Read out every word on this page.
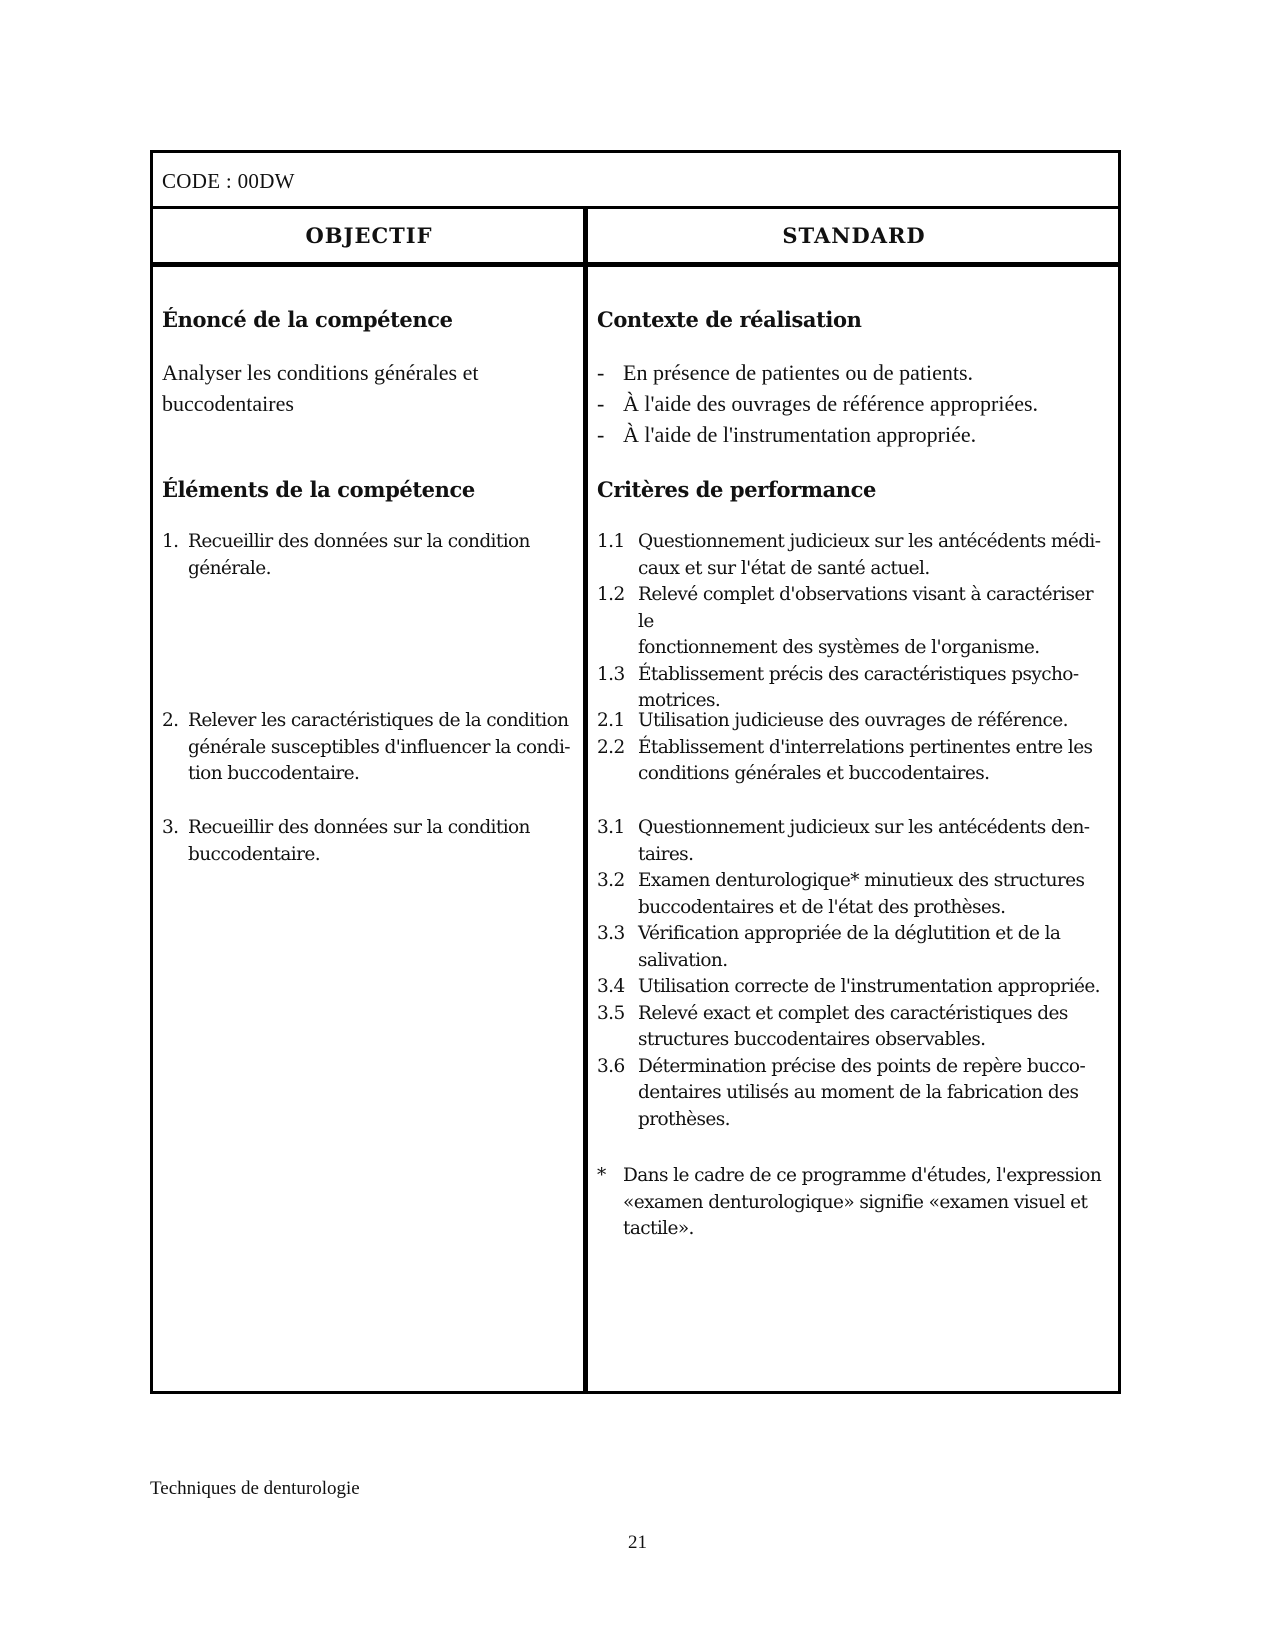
CODE : 00DW
OBJECTIF	STANDARD
Énoncé de la compétence
Analyser les conditions générales et
buccodentaires
Éléments de la compétence
1. Recueillir des données sur la condition
générale.
2. Relever les caractéristiques de la condition
générale susceptibles d'influencer la condi-
tion buccodentaire.
3. Recueillir des données sur la condition
buccodentaire.
Contexte de réalisation
- En présence de patientes ou de patients.
- À l'aide des ouvrages de référence appropriées.
- À l'aide de l'instrumentation appropriée.
Critères de performance
1.1 Questionnement judicieux sur les antécédents médi-
caux et sur l'état de santé actuel.
1.2 Relevé complet d'observations visant à caractériser le
fonctionnement des systèmes de l'organisme.
1.3 Établissement précis des caractéristiques psycho-
motrices.
2.1 Utilisation judicieuse des ouvrages de référence.
2.2 Établissement d'interrelations pertinentes entre les
conditions générales et buccodentaires.
3.1 Questionnement judicieux sur les antécédents den-
taires.
3.2 Examen denturologique* minutieux des structures
buccodentaires et de l'état des prothèses.
3.3 Vérification appropriée de la déglutition et de la
salivation.
3.4 Utilisation correcte de l'instrumentation appropriée.
3.5 Relevé exact et complet des caractéristiques des
structures buccodentaires observables.
3.6 Détermination précise des points de repère bucco-
dentaires utilisés au moment de la fabrication des
prothèses.
* Dans le cadre de ce programme d'études, l'expression
«examen denturologique» signifie «examen visuel et
tactile».
Techniques de denturologie
21
